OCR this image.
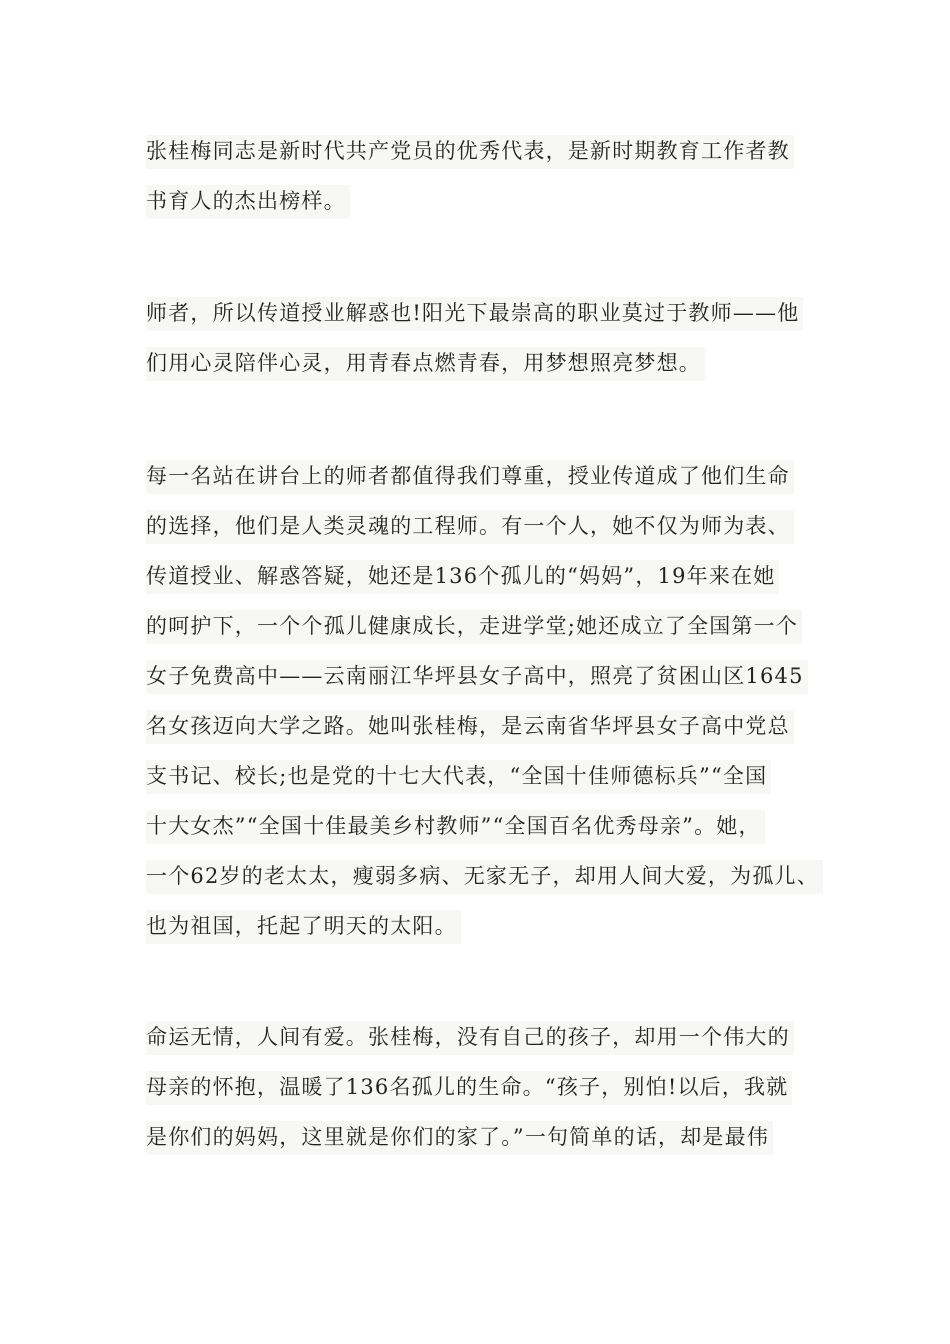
张桂梅同志是新时代共产党员的优秀代表，是新时期教育工作者教
书育人的杰出榜样。
师者，所以传道授业解惑也!阳光下最崇高的职业莫过于教师——他
们用心灵陪伴心灵，用青春点燃青春，用梦想照亮梦想。
每一名站在讲台上的师者都值得我们尊重，授业传道成了他们生命
的选择，他们是人类灵魂的工程师。有一个人，她不仅为师为表、
传道授业、解惑答疑，她还是136个孤儿的“妈妈”，19年来在她
的呵护下，一个个孤儿健康成长，走进学堂;她还成立了全国第一个
女子免费高中——云南丽江华坪县女子高中，照亮了贫困山区1645
名女孩迈向大学之路。她叫张桂梅，是云南省华坪县女子高中党总
支书记、校长;也是党的十七大代表，“全国十佳师德标兵”“全国
十大女杰”“全国十佳最美乡村教师”“全国百名优秀母亲”。她，
一个62岁的老太太，瘦弱多病、无家无子，却用人间大爱，为孤儿、
也为祖国，托起了明天的太阳。
命运无情，人间有爱。张桂梅，没有自己的孩子，却用一个伟大的
母亲的怀抱，温暖了136名孤儿的生命。“孩子，别怕!以后，我就
是你们的妈妈，这里就是你们的家了。”一句简单的话，却是最伟
